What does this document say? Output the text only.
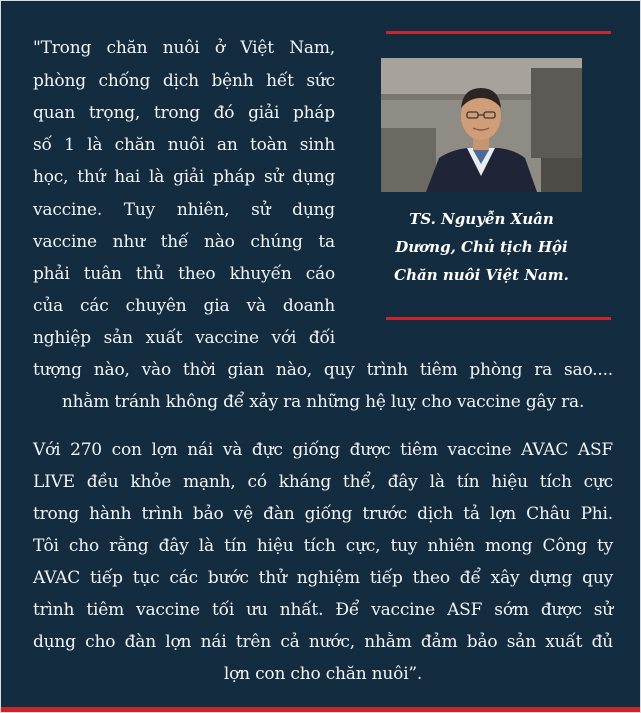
TS. Nguyễn Xuân
Dương, Chủ tịch Hội
Chăn nuôi Việt Nam.
"Trong chăn nuôi ở Việt Nam,
phòng chống dịch bệnh hết sức
quan trọng, trong đó giải pháp
số 1 là chăn nuôi an toàn sinh
học, thứ hai là giải pháp sử dụng
vaccine. Tuy nhiên, sử dụng
vaccine như thế nào chúng ta
phải tuân thủ theo khuyến cáo
của các chuyên gia và doanh
nghiệp sản xuất vaccine với đối
tượng nào, vào thời gian nào, quy trình tiêm phòng ra sao....
nhằm tránh không để xảy ra những hệ luỵ cho vaccine gây ra.
Với 270 con lợn nái và đực giống được tiêm vaccine AVAC ASF
LIVE đều khỏe mạnh, có kháng thể, đây là tín hiệu tích cực
trong hành trình bảo vệ đàn giống trước dịch tả lợn Châu Phi.
Tôi cho rằng đây là tín hiệu tích cực, tuy nhiên mong Công ty
AVAC tiếp tục các bước thử nghiệm tiếp theo để xây dựng quy
trình tiêm vaccine tối ưu nhất. Để vaccine ASF sớm được sử
dụng cho đàn lợn nái trên cả nước, nhằm đảm bảo sản xuất đủ
lợn con cho chăn nuôi”.
